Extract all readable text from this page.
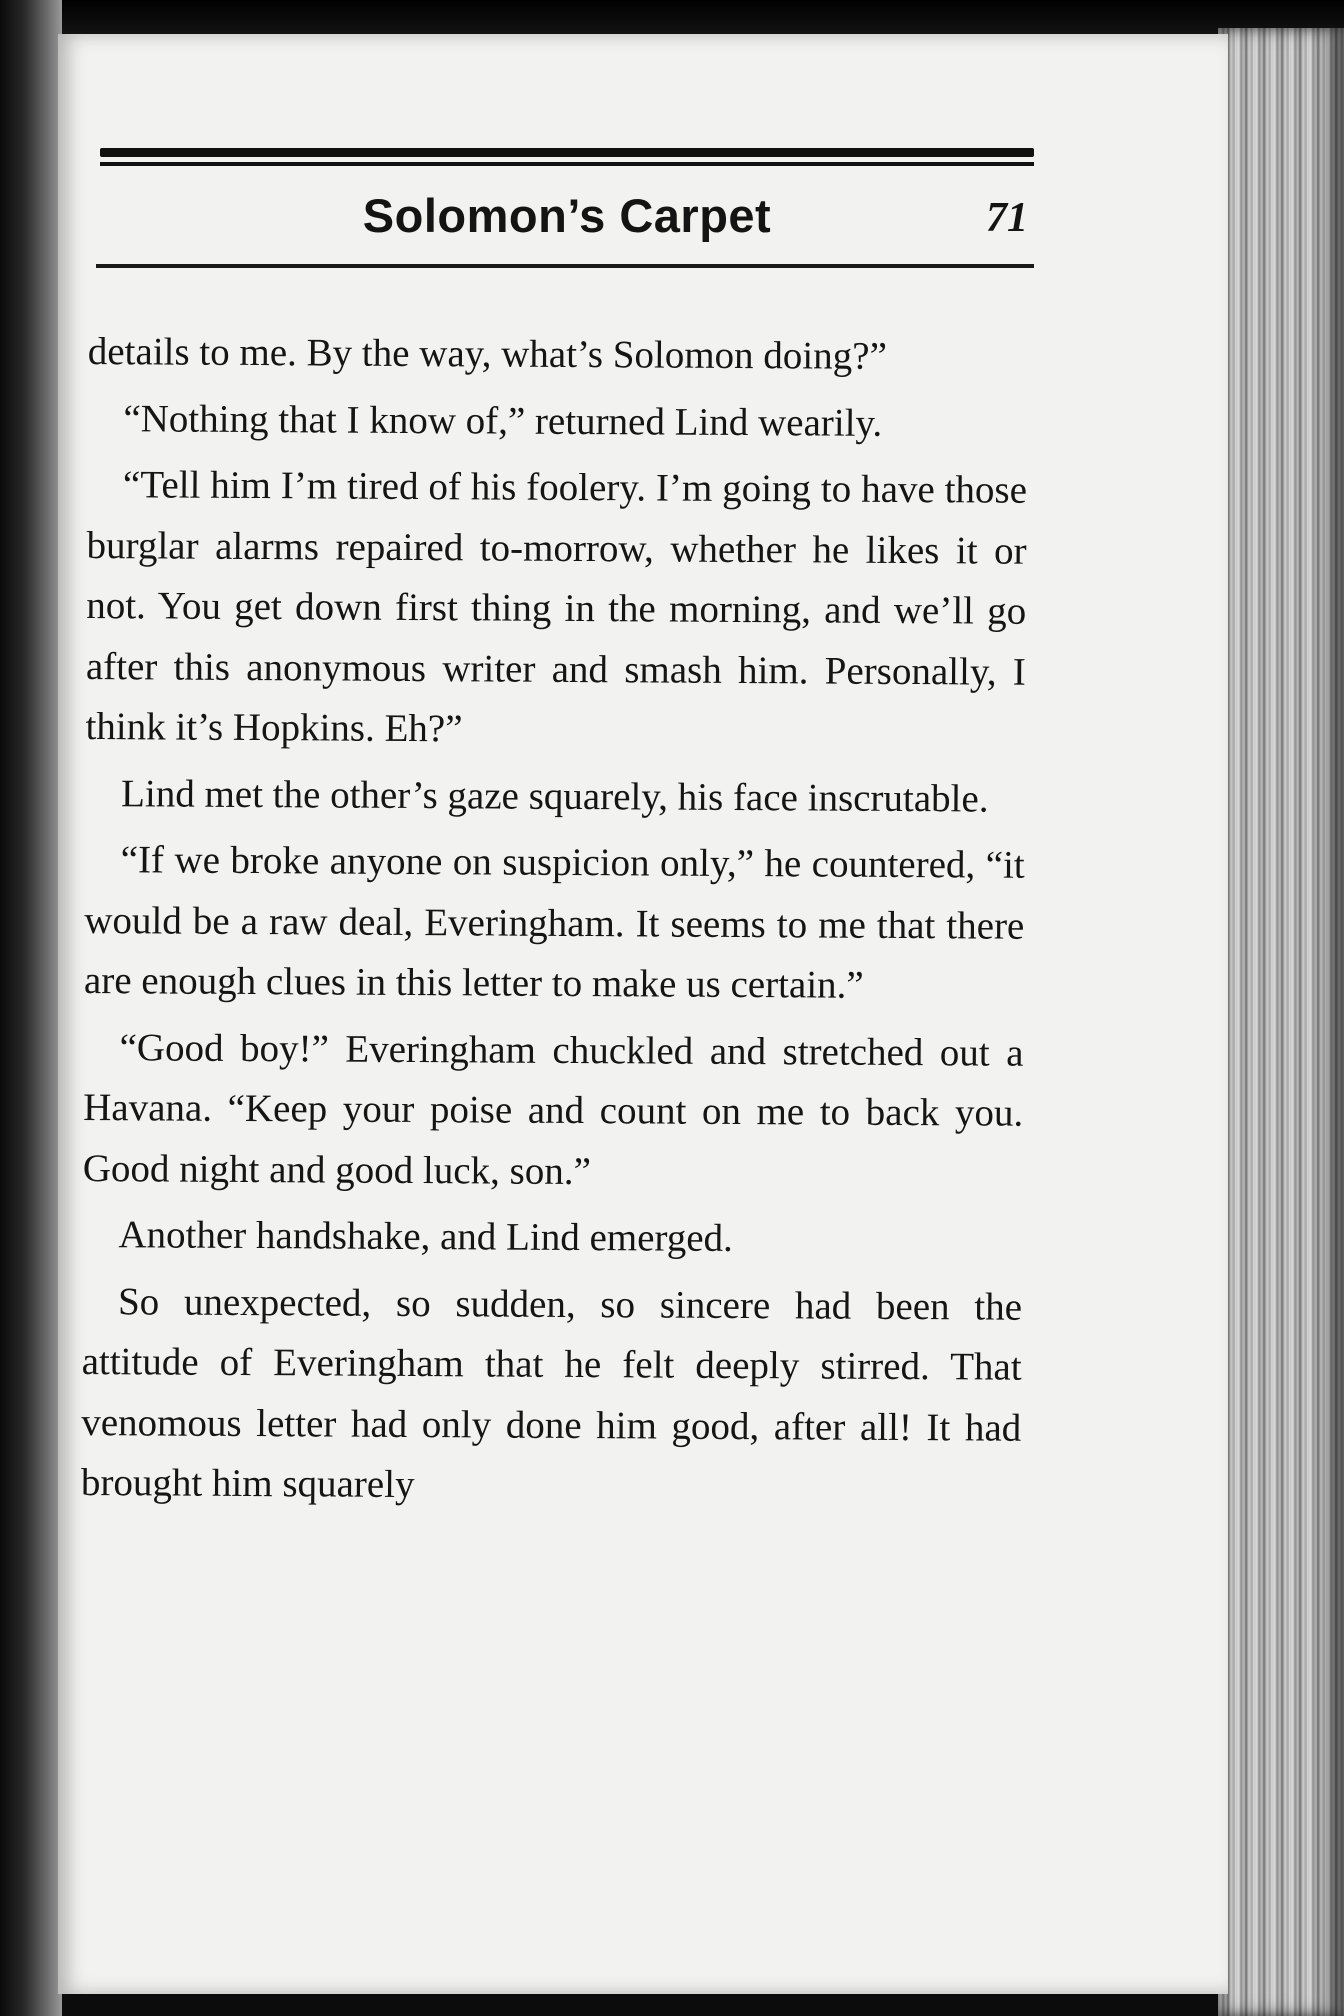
Solomon’s Carpet	71

details to me. By the way, what’s Solomon doing?”

“Nothing that I know of,” returned Lind wearily.

“Tell him I’m tired of his foolery. I’m going to have those burglar alarms repaired to-morrow, whether he likes it or not. You get down first thing in the morning, and we’ll go after this anonymous writer and smash him. Personally, I think it’s Hopkins. Eh?”

Lind met the other’s gaze squarely, his face inscrutable.

“If we broke anyone on suspicion only,” he countered, “it would be a raw deal, Everingham. It seems to me that there are enough clues in this letter to make us certain.”

“Good boy!” Everingham chuckled and stretched out a Havana. “Keep your poise and count on me to back you. Good night and good luck, son.”

Another handshake, and Lind emerged.

So unexpected, so sudden, so sincere had been the attitude of Everingham that he felt deeply stirred. That venomous letter had only done him good, after all! It had brought him squarely
